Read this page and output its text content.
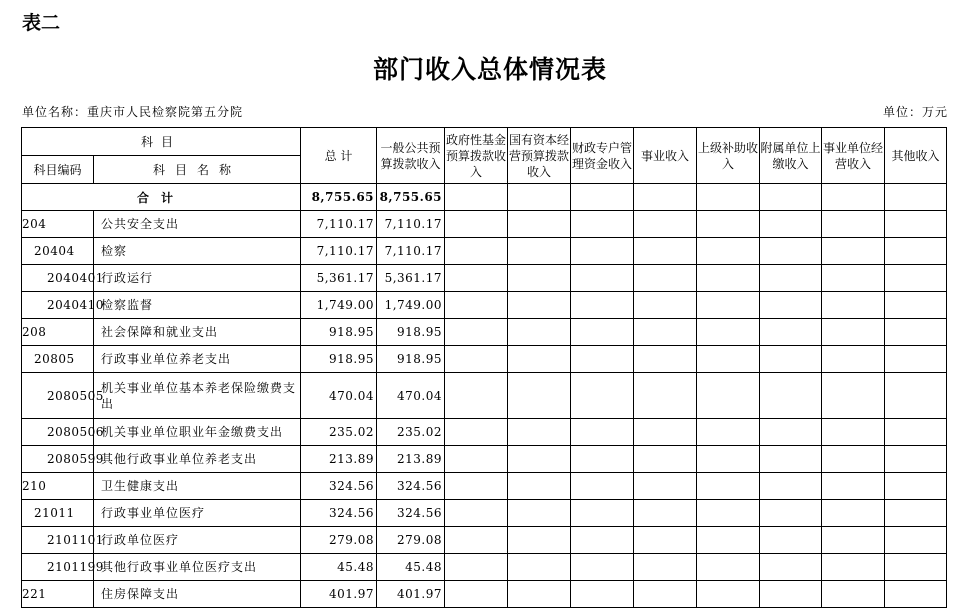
表二
部门收入总体情况表
单位名称：重庆市人民检察院第五分院	单位：万元
科目		总 计	一般公共预算拨款收入	政府性基金预算拨款收入	国有资本经营预算拨款收入	财政专户管理资金收入	事业收入	上级补助收入	附属单位上缴收入	事业单位经营收入	其他收入
科目编码	科目名称										
合计		8,755.65	8,755.65								
204	公共安全支出	7,110.17	7,110.17								
20404	检察	7,110.17	7,110.17								
2040401	行政运行	5,361.17	5,361.17								
2040410	检察监督	1,749.00	1,749.00								
208	社会保障和就业支出	918.95	918.95								
20805	行政事业单位养老支出	918.95	918.95								
2080505	机关事业单位基本养老保险缴费支出	470.04	470.04								
2080506	机关事业单位职业年金缴费支出	235.02	235.02								
2080599	其他行政事业单位养老支出	213.89	213.89								
210	卫生健康支出	324.56	324.56								
21011	行政事业单位医疗	324.56	324.56								
2101101	行政单位医疗	279.08	279.08								
2101199	其他行政事业单位医疗支出	45.48	45.48								
221	住房保障支出	401.97	401.97								
